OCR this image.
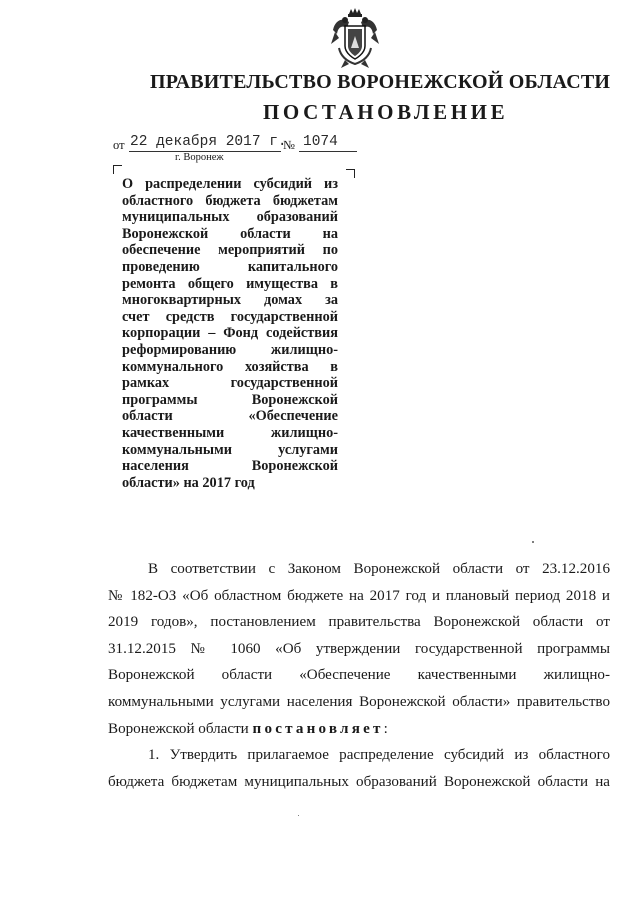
ПРАВИТЕЛЬСТВО ВОРОНЕЖСКОЙ ОБЛАСТИ
ПОСТАНОВЛЕНИЕ
от 22 декабря 2017 г.
№ 1074
г. Воронеж
О распределении субсидий из
областного бюджета бюджетам
муниципальных образований
Воронежской области на
обеспечение мероприятий по
проведению капитального
ремонта общего имущества в
многоквартирных домах за
счет средств государственной
корпорации – Фонд содействия
реформированию жилищно-
коммунального хозяйства в
рамках государственной
программы Воронежской
области «Обеспечение
качественными жилищно-
коммунальными услугами
населения Воронежской
области» на 2017 год
В соответствии с Законом Воронежской области от 23.12.2016
№ 182-ОЗ «Об областном бюджете на 2017 год и плановый период 2018 и
2019 годов», постановлением правительства Воронежской области от
31.12.2015 № 1060 «Об утверждении государственной программы
Воронежской области «Обеспечение качественными жилищно-
коммунальными услугами населения Воронежской области» правительство
Воронежской области постановляет:
1. Утвердить прилагаемое распределение субсидий из областного
бюджета бюджетам муниципальных образований Воронежской области на
